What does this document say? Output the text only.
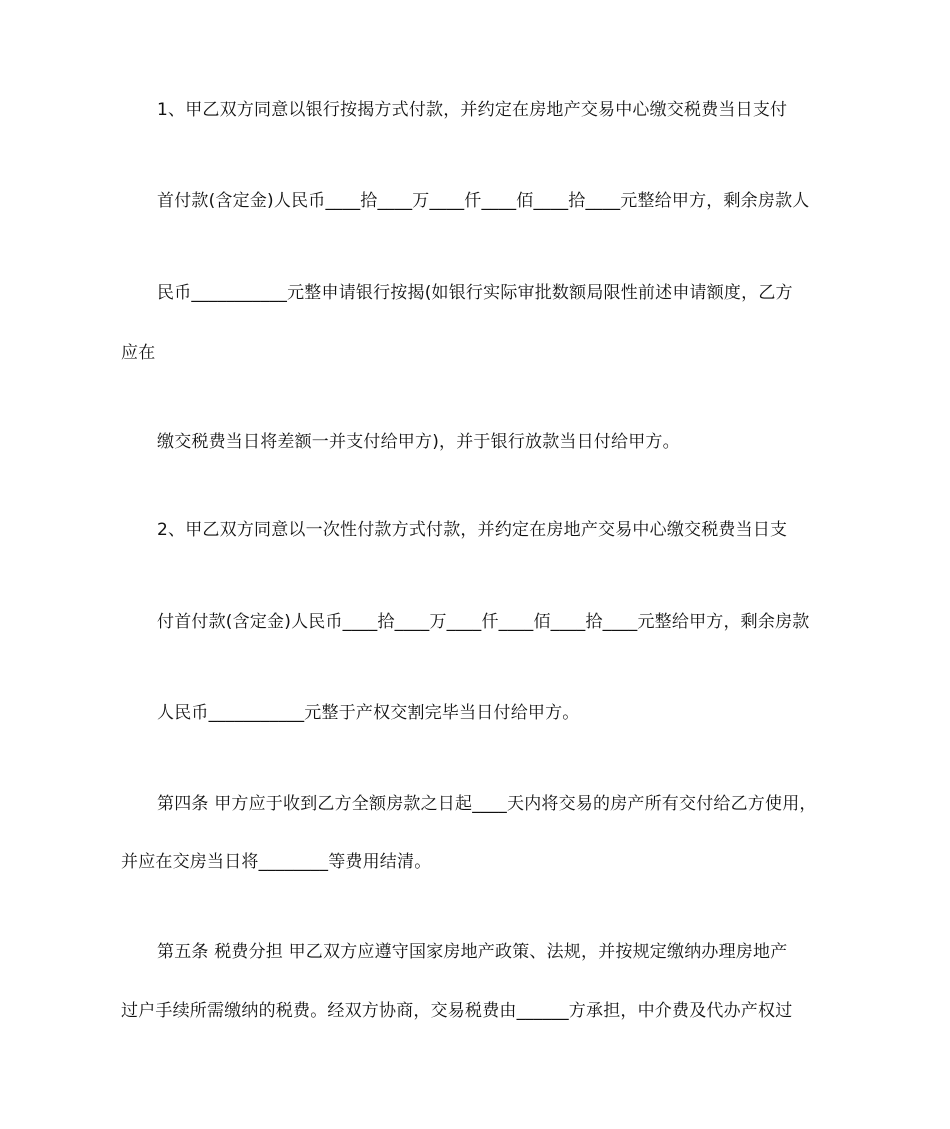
1、甲乙双方同意以银行按揭方式付款，并约定在房地产交易中心缴交税费当日支付
首付款(含定金)人民币____拾____万____仟____佰____拾____元整给甲方，剩余房款人
民币___________元整申请银行按揭(如银行实际审批数额局限性前述申请额度，乙方
应在
缴交税费当日将差额一并支付给甲方)，并于银行放款当日付给甲方。
2、甲乙双方同意以一次性付款方式付款，并约定在房地产交易中心缴交税费当日支
付首付款(含定金)人民币____拾____万____仟____佰____拾____元整给甲方，剩余房款
人民币___________元整于产权交割完毕当日付给甲方。
第四条 甲方应于收到乙方全额房款之日起____天内将交易的房产所有交付给乙方使用，
并应在交房当日将________等费用结清。
第五条 税费分担 甲乙双方应遵守国家房地产政策、法规，并按规定缴纳办理房地产
过户手续所需缴纳的税费。经双方协商，交易税费由______方承担，中介费及代办产权过
